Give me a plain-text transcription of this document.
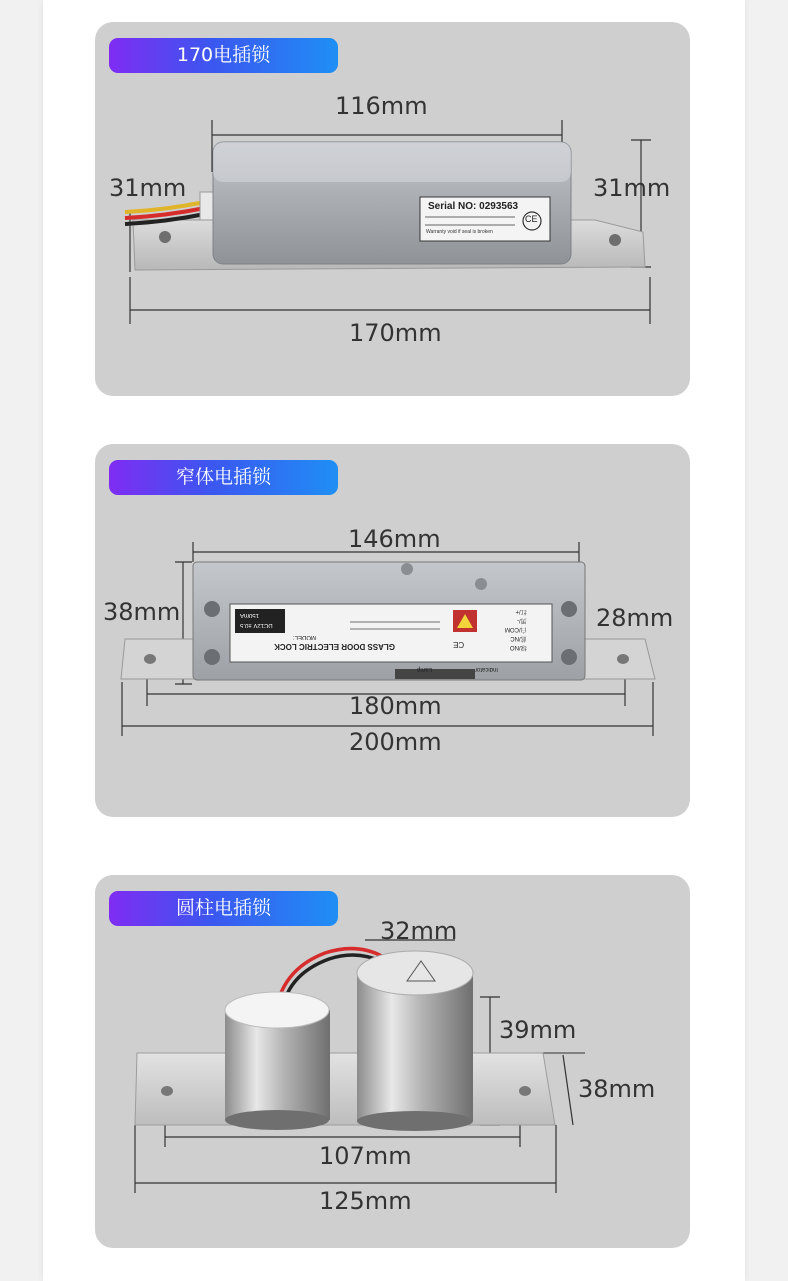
170电插锁
116mm
31mm	31mm
170mm
Serial NO: 0293563
CE
Warranty void if seal is broken
窄体电插锁
146mm
38mm	28mm
180mm
200mm
GLASS DOOR ELECTRIC LOCK
MODEL:
150mA
DC12V ±0.5
CE	绿/NO
蓝/NC
白/COM
黑/-
红/+
Indicator
Lamp
圆柱电插锁
32mm
39mm
38mm
107mm
125mm
